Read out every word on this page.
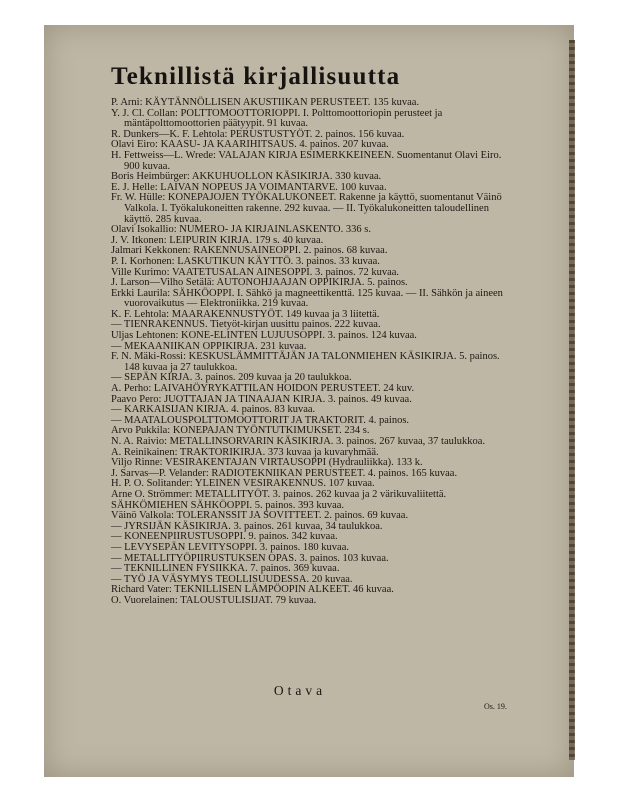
Teknillistä kirjallisuutta

P. Arni: KÄYTÄNNÖLLISEN AKUSTIIKAN PERUSTEET. 135 kuvaa.

Y. J. Cl. Collan: POLTTOMOOTTORIOPPI. I. Polttomoottoriopin perusteet ja mäntäpolttomoottorien päätyypit. 91 kuvaa.

R. Dunkers—K. F. Lehtola: PERUSTUSTYÖT. 2. painos. 156 kuvaa.

Olavi Eiro: KAASU- JA KAARIHITSAUS. 4. painos. 207 kuvaa.

H. Fettweiss—L. Wrede: VALAJAN KIRJA ESIMERKKEINEEN. Suomentanut Olavi Eiro. 900 kuvaa.

Boris Heimbürger: AKKUHUOLLON KÄSIKIRJA. 330 kuvaa.

E. J. Helle: LAIVAN NOPEUS JA VOIMANTARVE. 100 kuvaa.

Fr. W. Hülle: KONEPAJOJEN TYÖKALUKONEET. Rakenne ja käyttö, suomentanut Väinö Valkola. I. Työkalukoneitten rakenne. 292 kuvaa. — II. Työkalukoneitten taloudellinen käyttö. 285 kuvaa.

Olavi Isokallio: NUMERO- JA KIRJAINLASKENTO. 336 s.

J. V. Itkonen: LEIPURIN KIRJA. 179 s. 40 kuvaa.

Jalmari Kekkonen: RAKENNUSAINEOPPI. 2. painos. 68 kuvaa.

P. I. Korhonen: LASKUTIKUN KÄYTTÖ. 3. painos. 33 kuvaa.

Ville Kurimo: VAATETUSALAN AINESOPPI. 3. painos. 72 kuvaa.

J. Larson—Vilho Setälä: AUTONOHJAAJAN OPPIKIRJA. 5. painos.

Erkki Laurila: SÄHKÖOPPI. I. Sähkö ja magneettikenttä. 125 kuvaa. — II. Sähkön ja aineen vuorovaikutus — Elektroniikka. 219 kuvaa.

K. F. Lehtola: MAARAKENNUSTYÖT. 149 kuvaa ja 3 liitettä.

— TIENRAKENNUS. Tietyöt-kirjan uusittu painos. 222 kuvaa.

Uljas Lehtonen: KONE-ELINTEN LUJUUSOPPI. 3. painos. 124 kuvaa.

— MEKAANIIKAN OPPIKIRJA. 231 kuvaa.

F. N. Mäki-Rossi: KESKUSLÄMMITTÄJÄN JA TALONMIEHEN KÄSIKIRJA. 5. painos. 148 kuvaa ja 27 taulukkoa.

— SEPÄN KIRJA. 3. painos. 209 kuvaa ja 20 taulukkoa.

A. Perho: LAIVAHÖYRYKATTILAN HOIDON PERUSTEET. 24 kuv.

Paavo Pero: JUOTTAJAN JA TINAAJAN KIRJA. 3. painos. 49 kuvaa.

— KARKAISIJAN KIRJA. 4. painos. 83 kuvaa.

— MAATALOUSPOLTTOMOOTTORIT JA TRAKTORIT. 4. painos.

Arvo Pukkila: KONEPAJAN TYÖNTUTKIMUKSET. 234 s.

N. A. Raivio: METALLINSORVARIN KÄSIKIRJA. 3. painos. 267 kuvaa, 37 taulukkoa.

A. Reinikainen: TRAKTORIKIRJA. 373 kuvaa ja kuvaryhmää.

Viljo Rinne: VESIRAKENTAJAN VIRTAUSOPPI (Hydrauliikka). 133 k.

J. Sarvas—P. Velander: RADIOTEKNIIKAN PERUSTEET. 4. painos. 165 kuvaa.

H. P. O. Solitander: YLEINEN VESIRAKENNUS. 107 kuvaa.

Arne O. Strömmer: METALLITYÖT. 3. painos. 262 kuvaa ja 2 värikuvaliitettä.

SÄHKÖMIEHEN SÄHKÖOPPI. 5. painos. 393 kuvaa.

Väinö Valkola: TOLERANSSIT JA SOVITTEET. 2. painos. 69 kuvaa.

— JYRSIJÄN KÄSIKIRJA. 3. painos. 261 kuvaa, 34 taulukkoa.

— KONEENPIIRUSTUSOPPI. 9. painos. 342 kuvaa.

— LEVYSEPÄN LEVITYSOPPI. 3. painos. 180 kuvaa.

— METALLITYÖPIIRUSTUKSEN OPAS. 3. painos. 103 kuvaa.

— TEKNILLINEN FYSIIKKA. 7. painos. 369 kuvaa.

— TYÖ JA VÄSYMYS TEOLLISUUDESSA. 20 kuvaa.

Richard Vater: TEKNILLISEN LÄMPÖOPIN ALKEET. 46 kuvaa.

O. Vuorelainen: TALOUSTULISIJAT. 79 kuvaa.

Otava
Os. 19.
